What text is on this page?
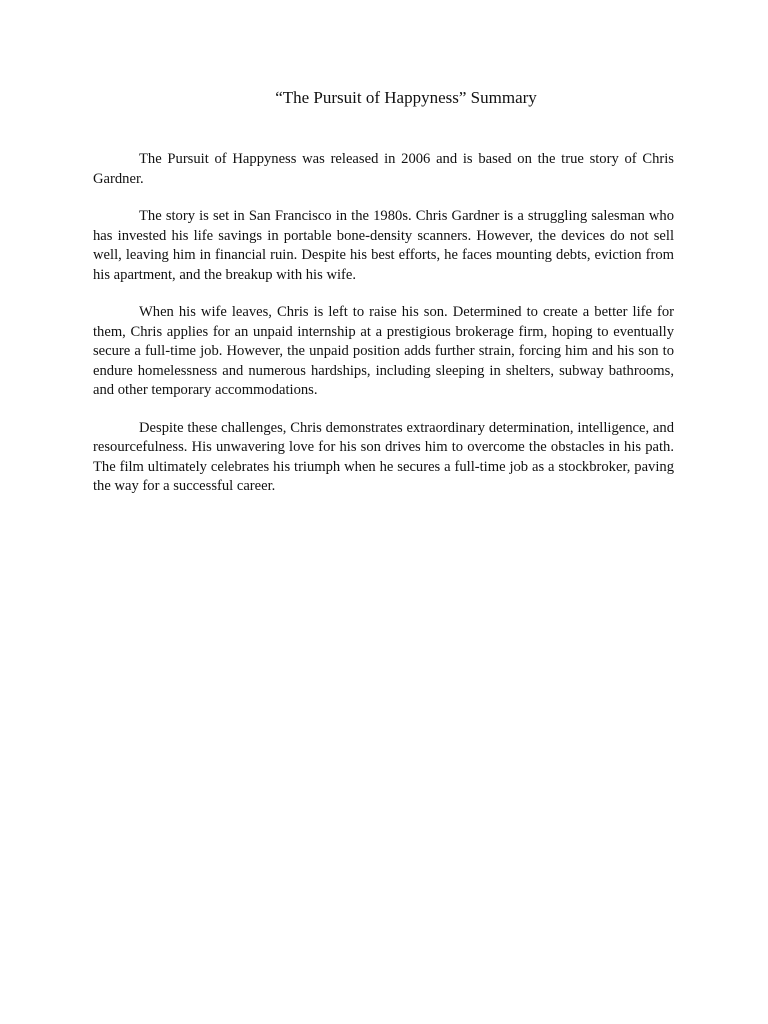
“The Pursuit of Happyness” Summary

The Pursuit of Happyness was released in 2006 and is based on the true story of Chris Gardner.

The story is set in San Francisco in the 1980s. Chris Gardner is a struggling salesman who has invested his life savings in portable bone-density scanners. However, the devices do not sell well, leaving him in financial ruin. Despite his best efforts, he faces mounting debts, eviction from his apartment, and the breakup with his wife.

When his wife leaves, Chris is left to raise his son. Determined to create a better life for them, Chris applies for an unpaid internship at a prestigious brokerage firm, hoping to eventually secure a full-time job. However, the unpaid position adds further strain, forcing him and his son to endure homelessness and numerous hardships, including sleeping in shelters, subway bathrooms, and other temporary accommodations.

Despite these challenges, Chris demonstrates extraordinary determination, intelligence, and resourcefulness. His unwavering love for his son drives him to overcome the obstacles in his path. The film ultimately celebrates his triumph when he secures a full-time job as a stockbroker, paving the way for a successful career.
